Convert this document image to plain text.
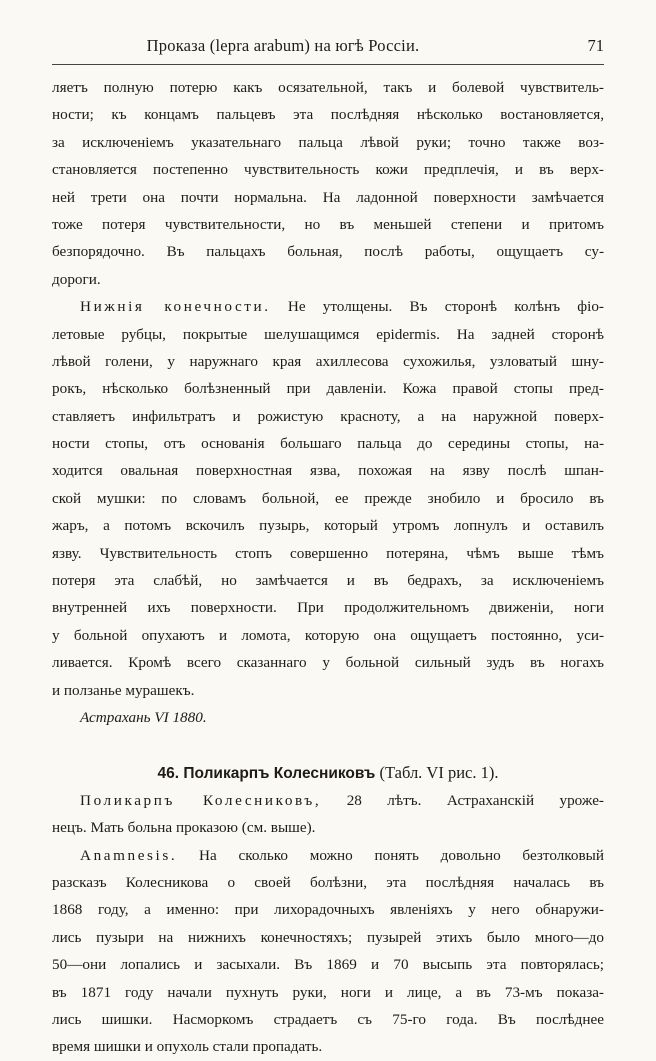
Проказа (lepra arabum) на югѣ Россіи.	71
ляетъ полную потерю какъ осязательной, такъ и болевой чувствитель-
ности; къ концамъ пальцевъ эта послѣдняя нѣсколько востановляется,
за исключеніемъ указательнаго пальца лѣвой руки; точно также воз-
становляется постепенно чувствительность кожи предплечія, и въ верх-
ней трети она почти нормальна. На ладонной поверхности замѣчается
тоже потеря чувствительности, но въ меньшей степени и притомъ
безпорядочно. Въ пальцахъ больная, послѣ работы, ощущаетъ су-
дороги.
Нижнія конечности. Не утолщены. Въ сторонѣ колѣнъ фіо-
летовые рубцы, покрытые шелушащимся epidermis. На задней сторонѣ
лѣвой голени, у наружнаго края ахиллесова сухожилья, узловатый шну-
рокъ, нѣсколько болѣзненный при давленіи. Кожа правой стопы пред-
ставляетъ инфильтратъ и рожистую красноту, а на наружной поверх-
ности стопы, отъ основанія большаго пальца до середины стопы, на-
ходится овальная поверхностная язва, похожая на язву послѣ шпан-
ской мушки: по словамъ больной, ее прежде знобило и бросило въ
жаръ, а потомъ вскочилъ пузырь, который утромъ лопнулъ и оставилъ
язву. Чувствительность стопъ совершенно потеряна, чѣмъ выше тѣмъ
потеря эта слабѣй, но замѣчается и въ бедрахъ, за исключеніемъ
внутренней ихъ поверхности. При продолжительномъ движеніи, ноги
у больной опухаютъ и ломота, которую она ощущаетъ постоянно, уси-
ливается. Кромѣ всего сказаннаго у больной сильный зудъ въ ногахъ
и ползанье мурашекъ.
Астрахань VI 1880.
46. Поликарпъ Колесниковъ (Табл. VI рис. 1).
Поликарпъ Колесниковъ, 28 лѣтъ. Астраханскій уроже-
нецъ. Мать больна проказою (см. выше).
Anamnesis. На сколько можно понять довольно безтолковый
разсказъ Колесникова о своей болѣзни, эта послѣдняя началась въ
1868 году, а именно: при лихорадочныхъ явленіяхъ у него обнаружи-
лись пузыри на нижнихъ конечностяхъ; пузырей этихъ было много—до
50—они лопались и засыхали. Въ 1869 и 70 высыпь эта повторялась;
въ 1871 году начали пухнуть руки, ноги и лице, а въ 73-мъ показа-
лись шишки. Насморкомъ страдаетъ съ 75-го года. Въ послѣднее
время шишки и опухоль стали пропадать.
